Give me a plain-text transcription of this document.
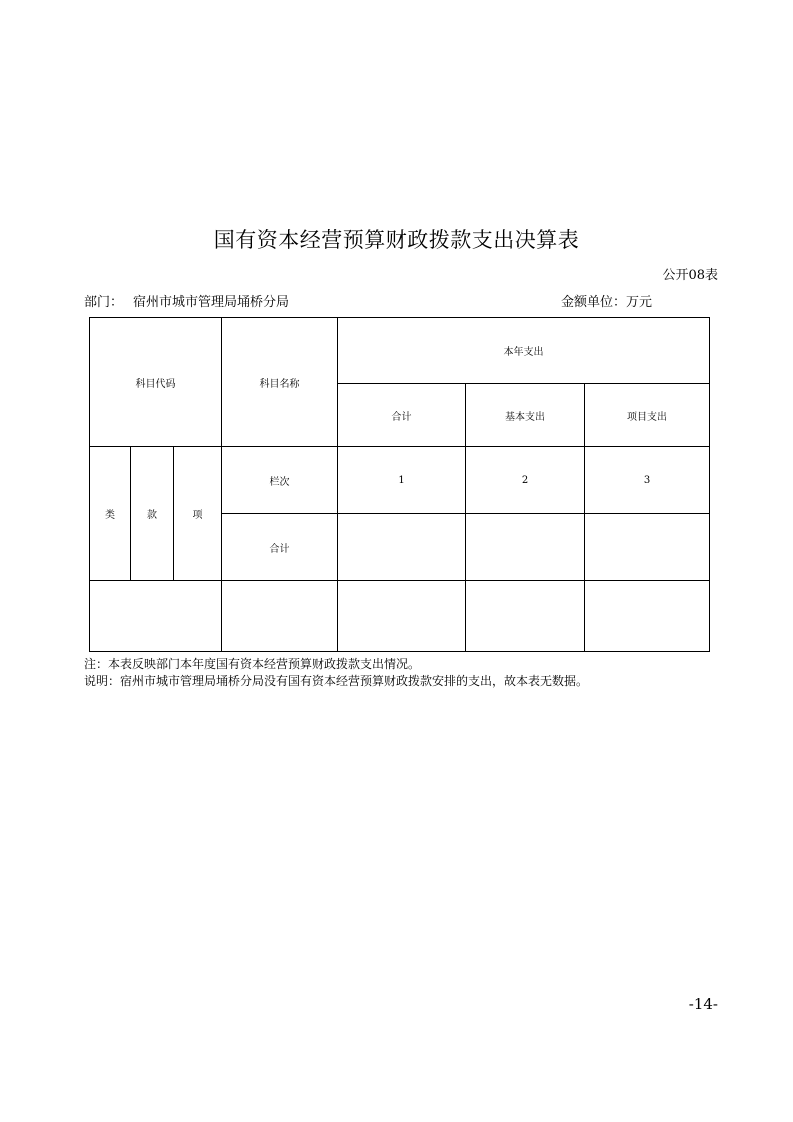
国有资本经营预算财政拨款支出决算表
公开08表
部门： 宿州市城市管理局埇桥分局	金额单位：万元
科目代码	科目名称
本年支出
合计	基本支出	项目支出
类	款	项
栏次	1	2	3
合计
注：本表反映部门本年度国有资本经营预算财政拨款支出情况。
说明：宿州市城市管理局埇桥分局没有国有资本经营预算财政拨款安排的支出，故本表无数据。
-14-
